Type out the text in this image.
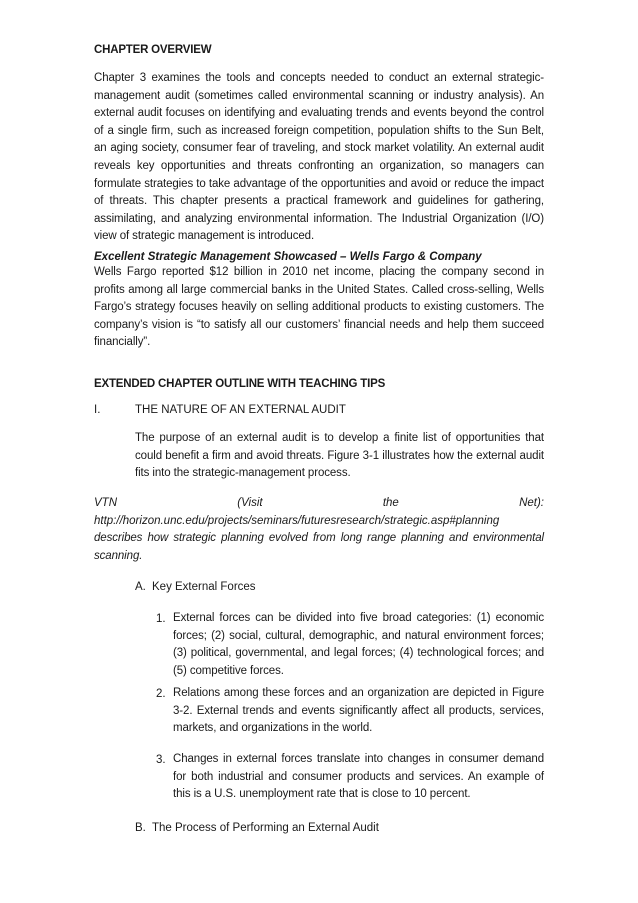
CHAPTER OVERVIEW

Chapter 3 examines the tools and concepts needed to conduct an external strategic-management audit (sometimes called environmental scanning or industry analysis). An external audit focuses on identifying and evaluating trends and events beyond the control of a single firm, such as increased foreign competition, population shifts to the Sun Belt, an aging society, consumer fear of traveling, and stock market volatility. An external audit reveals key opportunities and threats confronting an organization, so managers can formulate strategies to take advantage of the opportunities and avoid or reduce the impact of threats. This chapter presents a practical framework and guidelines for gathering, assimilating, and analyzing environmental information. The Industrial Organization (I/O) view of strategic management is introduced.

Excellent Strategic Management Showcased – Wells Fargo & Company

Wells Fargo reported $12 billion in 2010 net income, placing the company second in profits among all large commercial banks in the United States. Called cross-selling, Wells Fargo’s strategy focuses heavily on selling additional products to existing customers. The company’s vision is “to satisfy all our customers’ financial needs and help them succeed financially”.

EXTENDED CHAPTER OUTLINE WITH TEACHING TIPS
I.	THE NATURE OF AN EXTERNAL AUDIT

The purpose of an external audit is to develop a finite list of opportunities that could benefit a firm and avoid threats. Figure 3-1 illustrates how the external audit fits into the strategic-management process.

VTN	(Visit	the	Net):
http://horizon.unc.edu/projects/seminars/futuresresearch/strategic.asp#planning

describes how strategic planning evolved from long range planning and environmental scanning.

A. Key External Forces
1. External forces can be divided into five broad categories: (1) economic forces; (2) social, cultural, demographic, and natural environment forces; (3) political, governmental, and legal forces; (4) technological forces; and (5) competitive forces.

2. Relations among these forces and an organization are depicted in Figure 3-2. External trends and events significantly affect all products, services, markets, and organizations in the world.

3. Changes in external forces translate into changes in consumer demand for both industrial and consumer products and services. An example of this is a U.S. unemployment rate that is close to 10 percent.

B. The Process of Performing an External Audit
